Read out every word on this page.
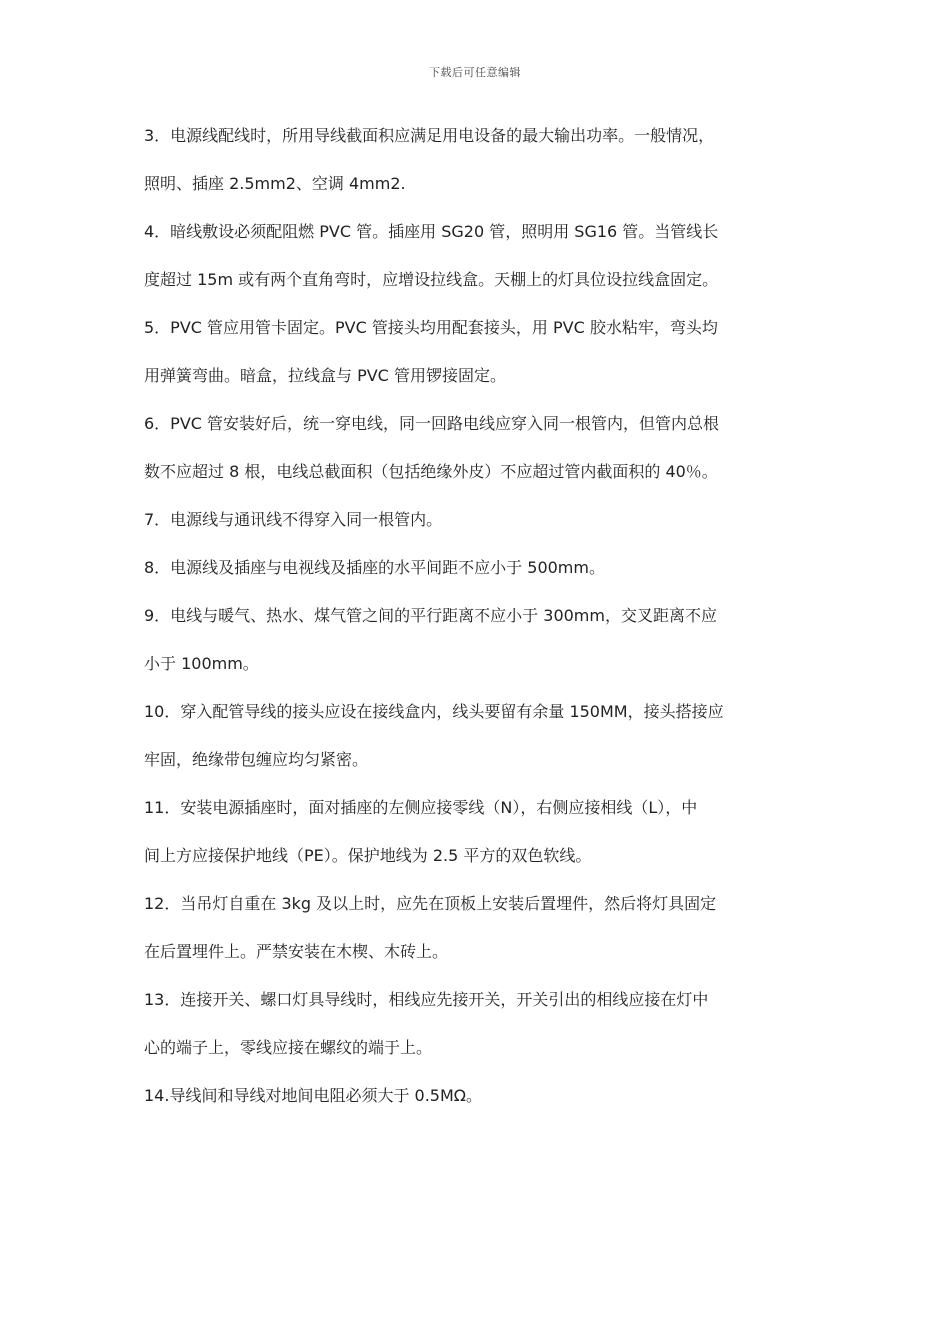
下载后可任意编辑
3．电源线配线时，所用导线截面积应满足用电设备的最大输出功率。一般情况，
照明、插座 2.5mm2、空调 4mm2.
4．暗线敷设必须配阻燃 PVC 管。插座用 SG20 管，照明用 SG16 管。当管线长
度超过 15m 或有两个直角弯时，应增设拉线盒。天棚上的灯具位设拉线盒固定。
5．PVC 管应用管卡固定。PVC 管接头均用配套接头，用 PVC 胶水粘牢，弯头均
用弹簧弯曲。暗盒，拉线盒与 PVC 管用锣接固定。
6．PVC 管安装好后，统一穿电线，同一回路电线应穿入同一根管内，但管内总根
数不应超过 8 根，电线总截面积（包括绝缘外皮）不应超过管内截面积的 40％。
7．电源线与通讯线不得穿入同一根管内。
8．电源线及插座与电视线及插座的水平间距不应小于 500mm。
9．电线与暖气、热水、煤气管之间的平行距离不应小于 300mm，交叉距离不应
小于 100mm。
10．穿入配管导线的接头应设在接线盒内，线头要留有余量 150MM，接头搭接应
牢固，绝缘带包缠应均匀紧密。
11．安装电源插座时，面对插座的左侧应接零线（N），右侧应接相线（L），中
间上方应接保护地线（PE）。保护地线为 2.5 平方的双色软线。
12．当吊灯自重在 3kg 及以上时，应先在顶板上安装后置埋件，然后将灯具固定
在后置埋件上。严禁安装在木楔、木砖上。
13．连接开关、螺口灯具导线时，相线应先接开关，开关引出的相线应接在灯中
心的端子上，零线应接在螺纹的端于上。
14.导线间和导线对地间电阻必须大于 0.5MΩ。
